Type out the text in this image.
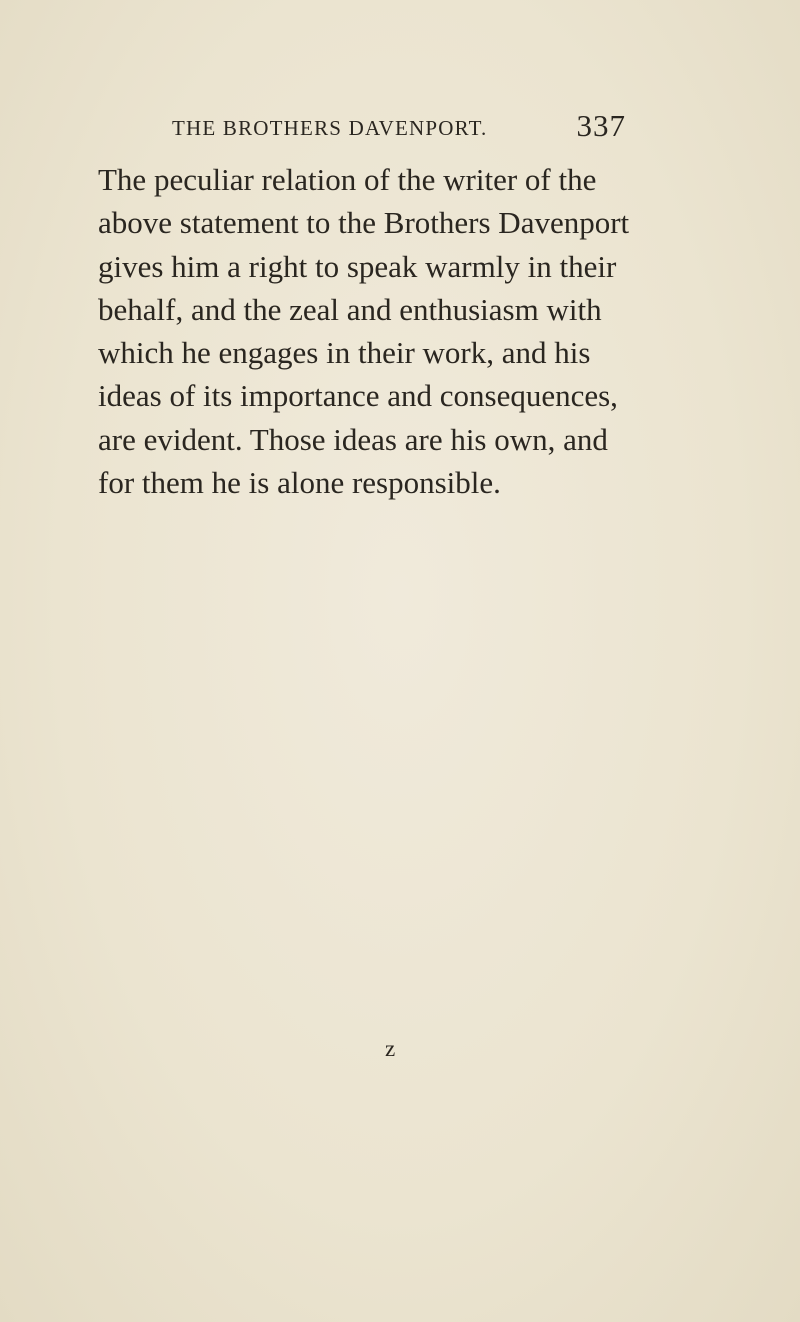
THE BROTHERS DAVENPORT.	337

The peculiar relation of the writer of the
above statement to the Brothers Davenport
gives him a right to speak warmly in their
behalf, and the zeal and enthusiasm with
which he engages in their work, and his
ideas of its importance and consequences,
are evident. Those ideas are his own, and
for them he is alone responsible.

z
